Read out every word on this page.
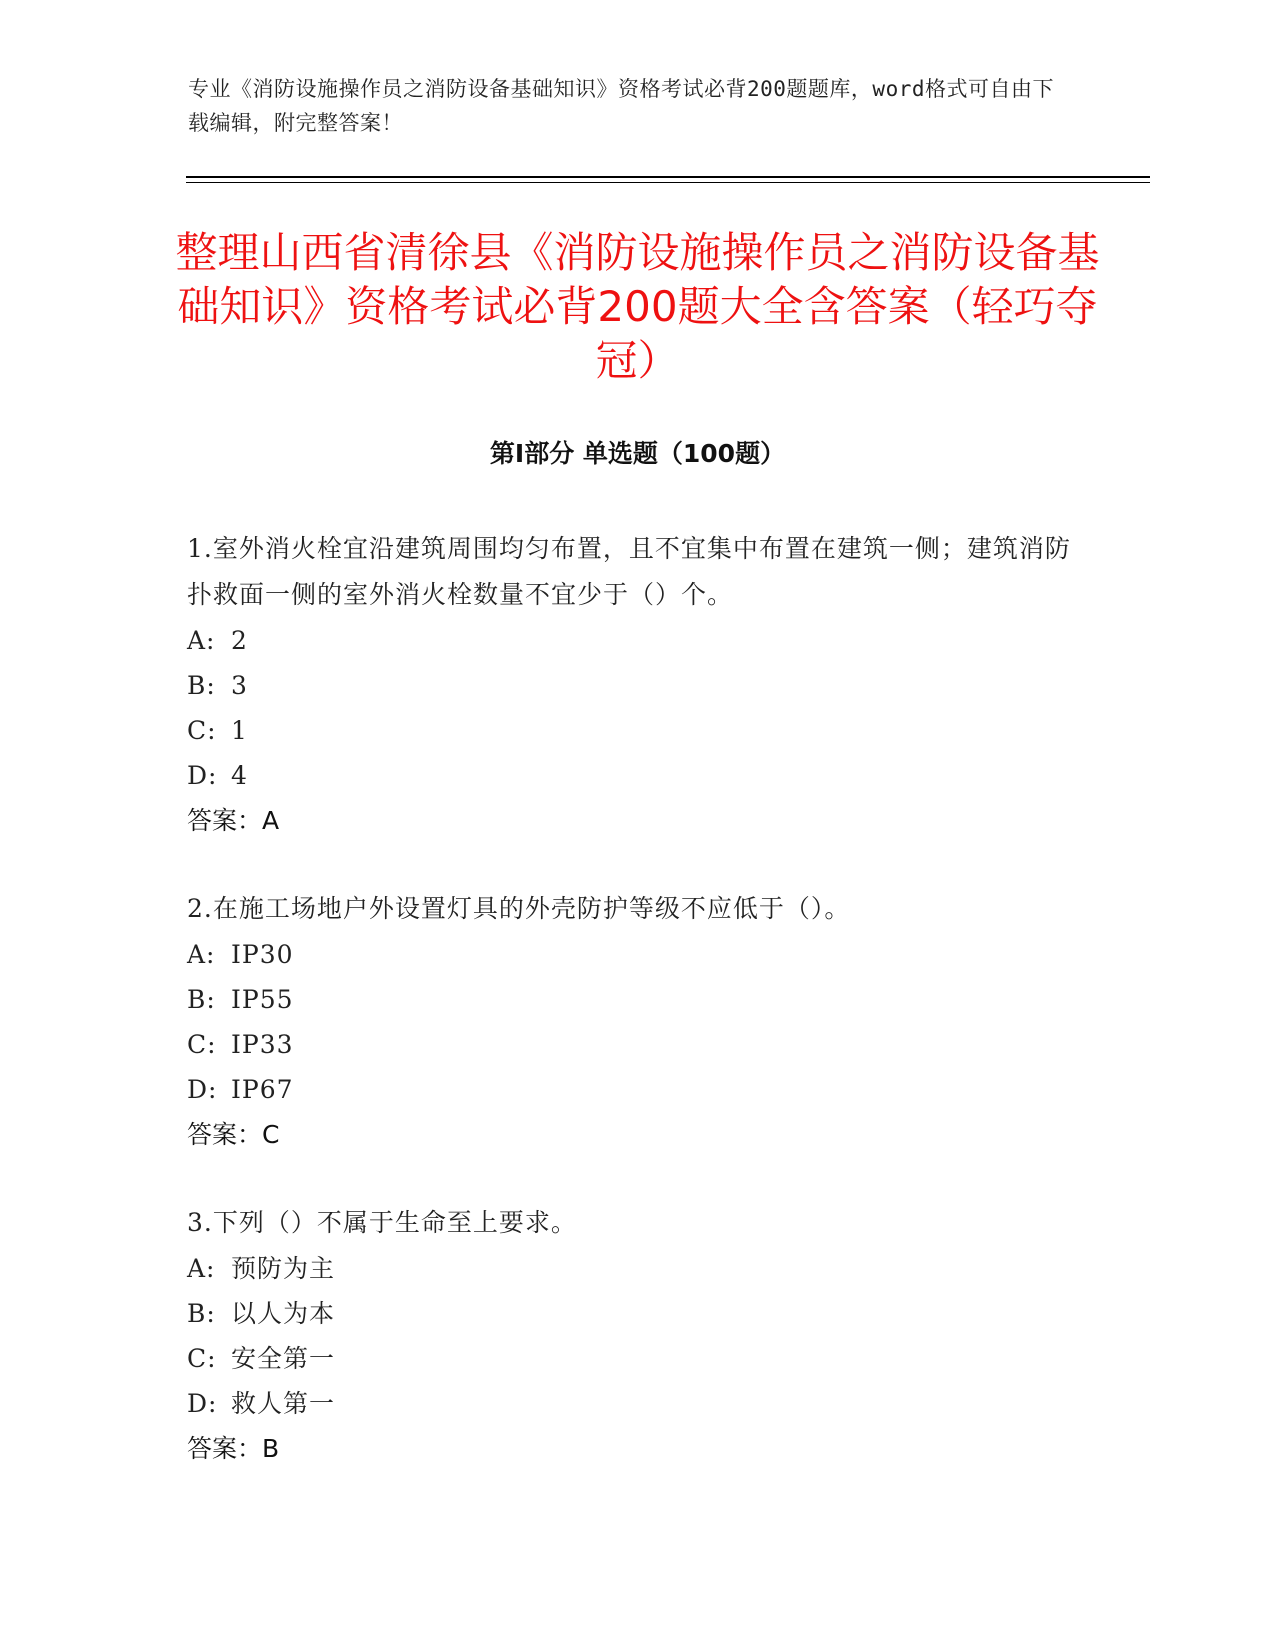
专业《消防设施操作员之消防设备基础知识》资格考试必背200题题库，word格式可自由下载编辑，附完整答案！
整理山西省清徐县《消防设施操作员之消防设备基础知识》资格考试必背200题大全含答案（轻巧夺冠）
第Ⅰ部分 单选题（100题）
1.室外消火栓宜沿建筑周围均匀布置，且不宜集中布置在建筑一侧；建筑消防扑救面一侧的室外消火栓数量不宜少于（）个。
A: 2
B: 3
C: 1
D: 4
答案：A
2.在施工场地户外设置灯具的外壳防护等级不应低于（）。
A: IP30
B: IP55
C: IP33
D: IP67
答案：C
3.下列（）不属于生命至上要求。
A: 预防为主
B: 以人为本
C: 安全第一
D: 救人第一
答案：B
